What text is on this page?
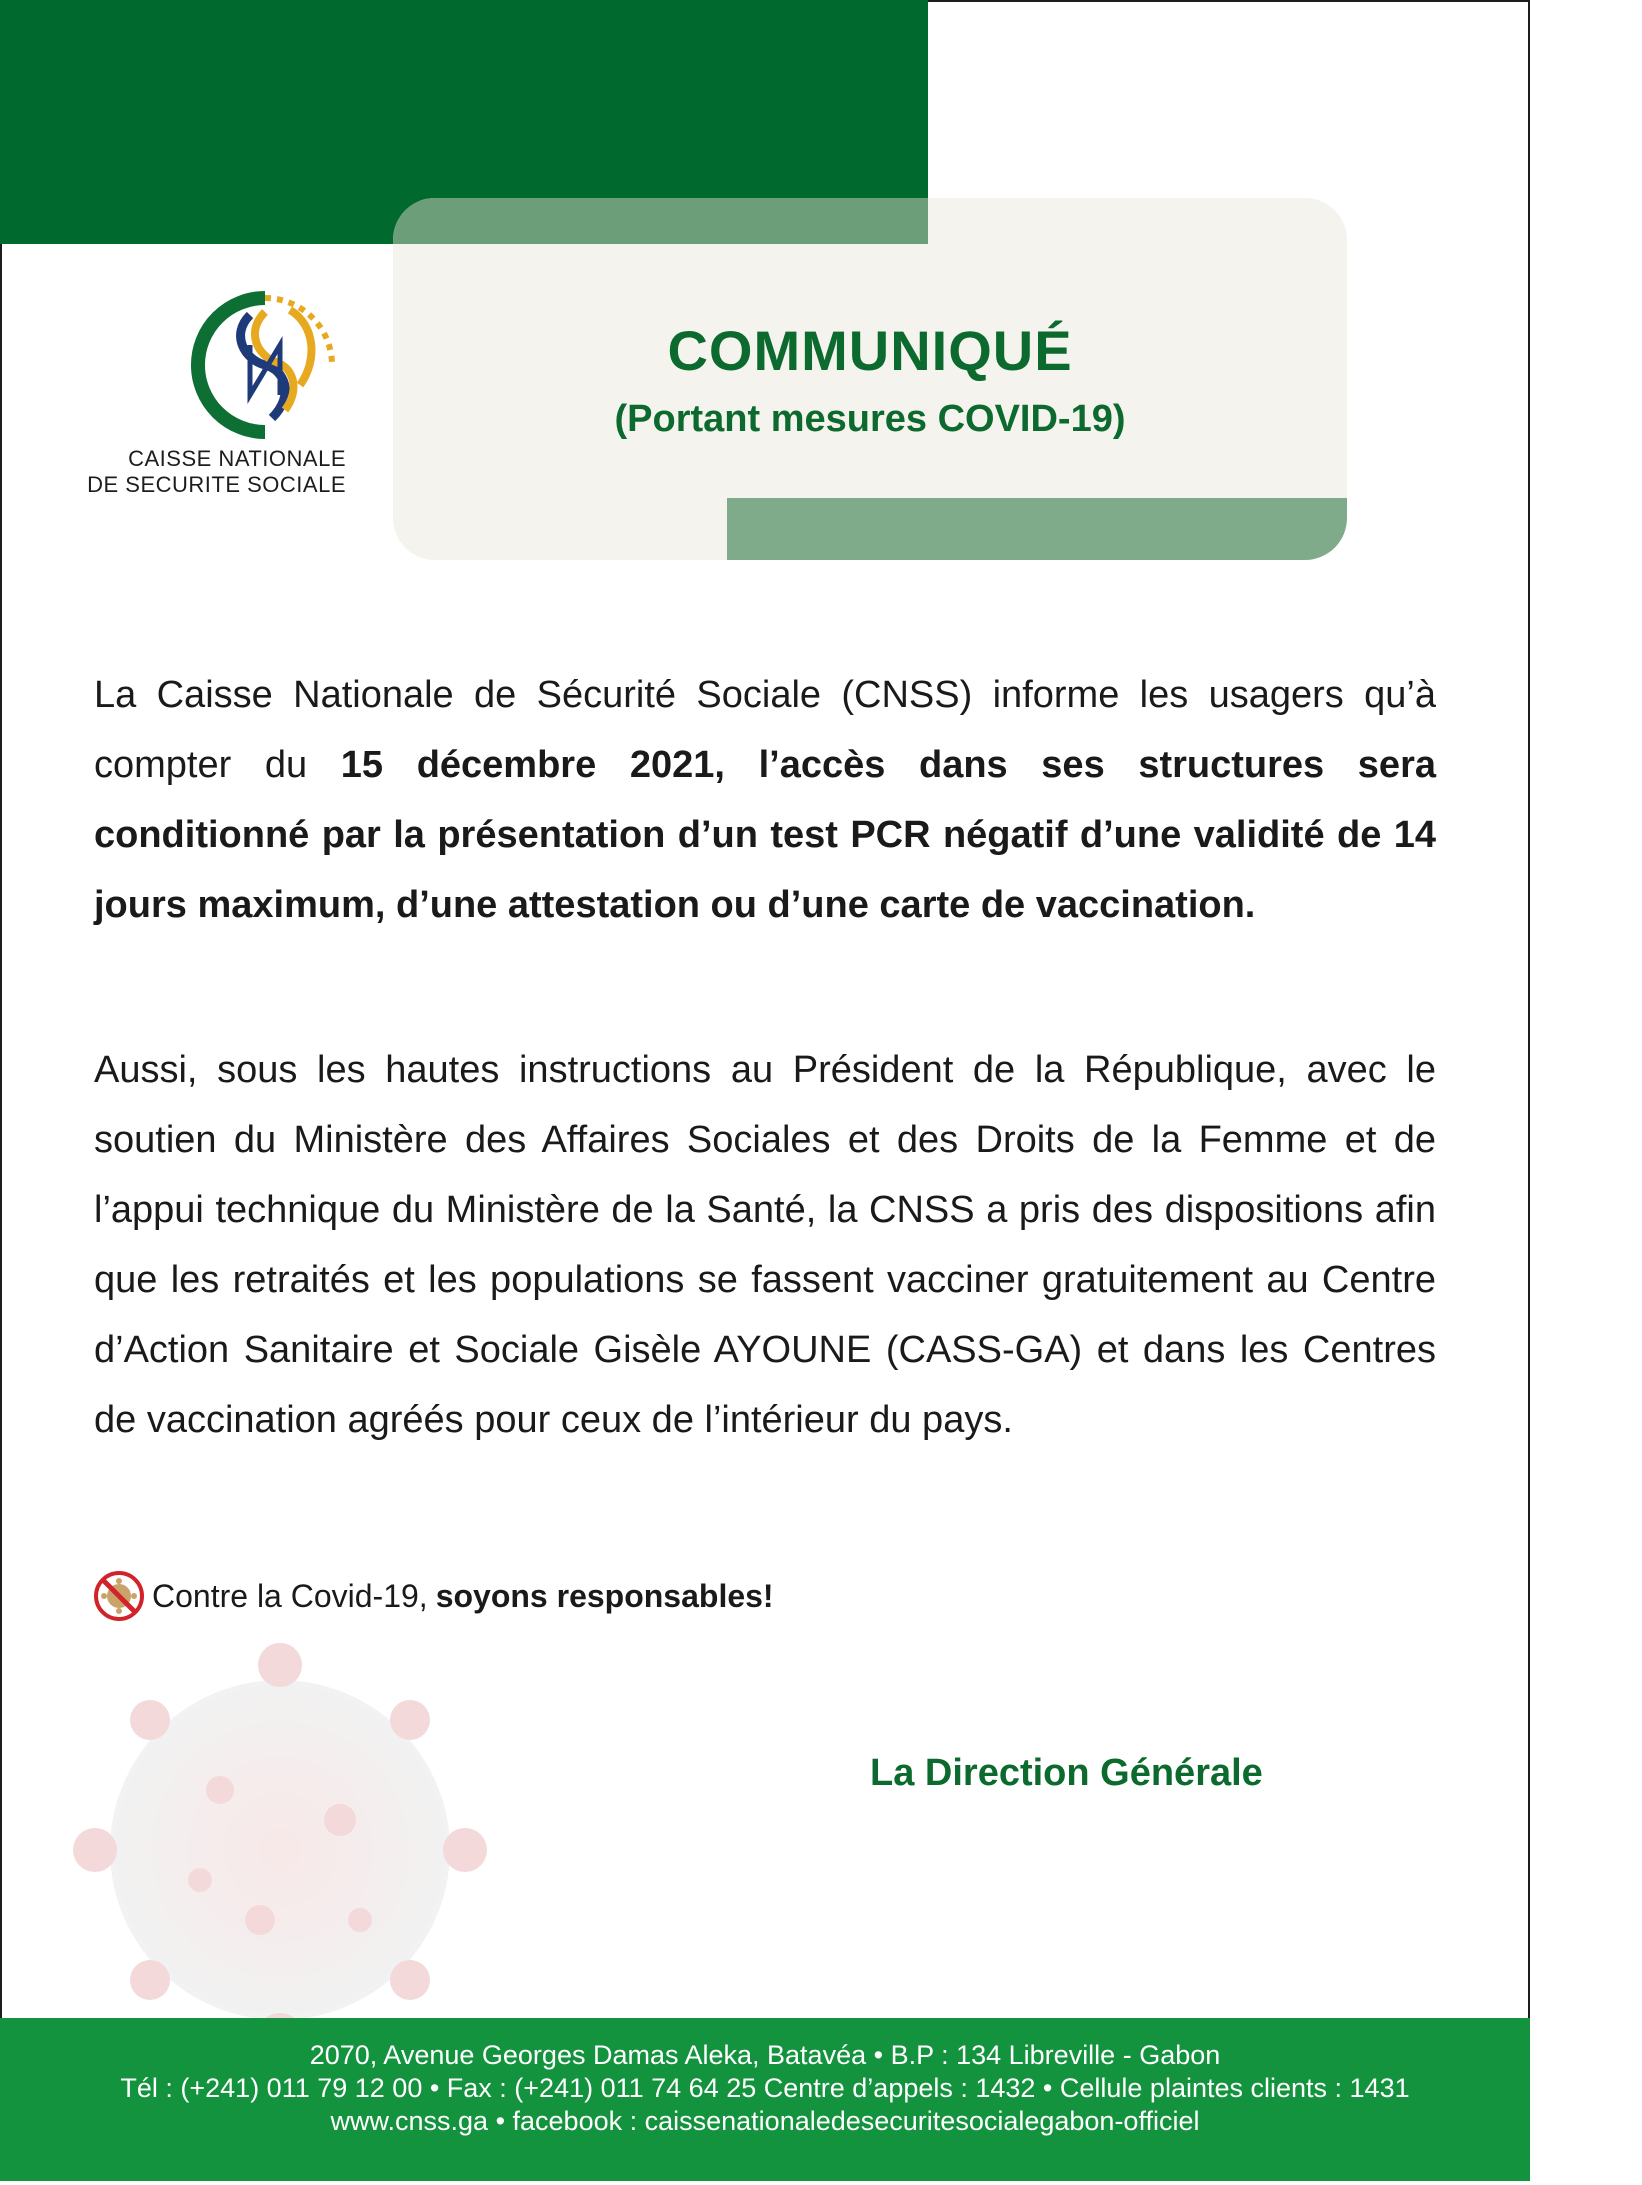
COMMUNIQUÉ
(Portant mesures COVID-19)
CAISSE NATIONALE
DE SECURITE SOCIALE
La Caisse Nationale de Sécurité Sociale (CNSS) informe les usagers qu’à compter du 15 décembre 2021, l’accès dans ses structures sera conditionné par la présentation d’un test PCR négatif d’une validité de 14 jours maximum, d’une attestation ou d’une carte de vaccination.
Aussi, sous les hautes instructions au Président de la République, avec le soutien du Ministère des Affaires Sociales et des Droits de la Femme et de l’appui technique du Ministère de la Santé, la CNSS a pris des dispositions afin que les retraités et les populations se fassent vacciner gratuitement au Centre d’Action Sanitaire et Sociale Gisèle AYOUNE (CASS-GA) et dans les Centres de vaccination agréés pour ceux de l’intérieur du pays.
Contre la Covid-19, soyons responsables!
La Direction Générale
2070, Avenue Georges Damas Aleka, Batavéa • B.P : 134 Libreville - Gabon
Tél : (+241) 011 79 12 00 • Fax : (+241) 011 74 64 25 Centre d’appels : 1432 • Cellule plaintes clients : 1431
www.cnss.ga • facebook : caissenationaledesecuritesocialegabon-officiel
